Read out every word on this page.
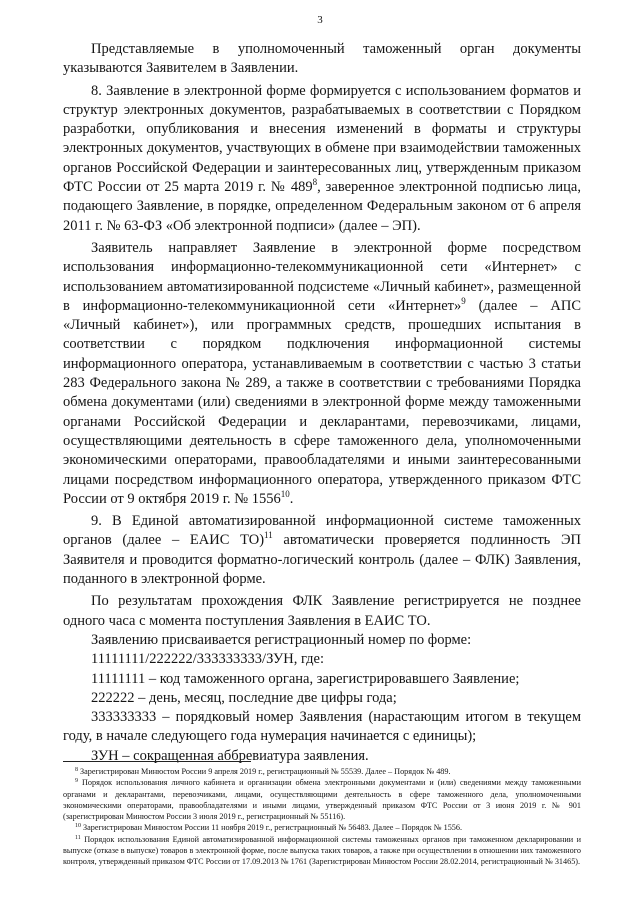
3

Представляемые в уполномоченный таможенный орган документы указываются Заявителем в Заявлении.

8. Заявление в электронной форме формируется с использованием форматов и структур электронных документов, разрабатываемых в соответствии с Порядком разработки, опубликования и внесения изменений в форматы и структуры электронных документов, участвующих в обмене при взаимодействии таможенных органов Российской Федерации и заинтересованных лиц, утвержденным приказом ФТС России от 25 марта 2019 г. № $489^8$, заверенное электронной подписью лица, подающего Заявление, в порядке, определенном Федеральным законом от 6 апреля 2011 г. № 63-ФЗ «Об электронной подписи» (далее – ЭП).

Заявитель направляет Заявление в электронной форме посредством использования информационно-телекоммуникационной сети «Интернет» с использованием автоматизированной подсистеме «Личный кабинет», размещенной в информационно-телекоммуникационной сети «Интернет»$^9$ (далее – АПС «Личный кабинет»), или программных средств, прошедших испытания в соответствии с порядком подключения информационной системы информационного оператора, устанавливаемым в соответствии с частью 3 статьи 283 Федерального закона № 289, а также в соответствии с требованиями Порядка обмена документами (или) сведениями в электронной форме между таможенными органами Российской Федерации и декларантами, перевозчиками, лицами, осуществляющими деятельность в сфере таможенного дела, уполномоченными экономическими операторами, правообладателями и иными заинтересованными лицами посредством информационного оператора, утвержденного приказом ФТС России от 9 октября 2019 г. № 1556$^{10}$.

9. В Единой автоматизированной информационной системе таможенных органов (далее – ЕАИС ТО)$^{11}$ автоматически проверяется подлинность ЭП Заявителя и проводится форматно-логический контроль (далее – ФЛК) Заявления, поданного в электронной форме.

По результатам прохождения ФЛК Заявление регистрируется не позднее одного часа с момента поступления Заявления в ЕАИС ТО.

Заявлению присваивается регистрационный номер по форме:

11111111/222222/333333333/ЗУН, где:

11111111 – код таможенного органа, зарегистрировавшего Заявление;

222222 – день, месяц, последние две цифры года;

333333333 – порядковый номер Заявления (нарастающим итогом в текущем году, в начале следующего года нумерация начинается с единицы);

ЗУН – сокращенная аббревиатура заявления.

$^8$ Зарегистрирован Минюстом России 9 апреля 2019 г., регистрационный № 55539. Далее – Порядок № 489.

$^9$ Порядок использования личного кабинета и организации обмена электронными документами и (или) сведениями между таможенными органами и декларантами, перевозчиками, лицами, осуществляющими деятельность в сфере таможенного дела, уполномоченными экономическими операторами, правообладателями и иными лицами, утвержденный приказом ФТС России от 3 июня 2019 г. № 901 (зарегистрирован Минюстом России 3 июля 2019 г., регистрационный № 55116).

$^{10}$ Зарегистрирован Минюстом России 11 ноября 2019 г., регистрационный № 56483. Далее – Порядок № 1556.

$^{11}$ Порядок использования Единой автоматизированной информационной системы таможенных органов при таможенном декларировании и выпуске (отказе в выпуске) товаров в электронной форме, после выпуска таких товаров, а также при осуществлении в отношении них таможенного контроля, утвержденный приказом ФТС России от 17.09.2013 № 1761 (Зарегистрирован Минюстом России 28.02.2014, регистрационный № 31465).
